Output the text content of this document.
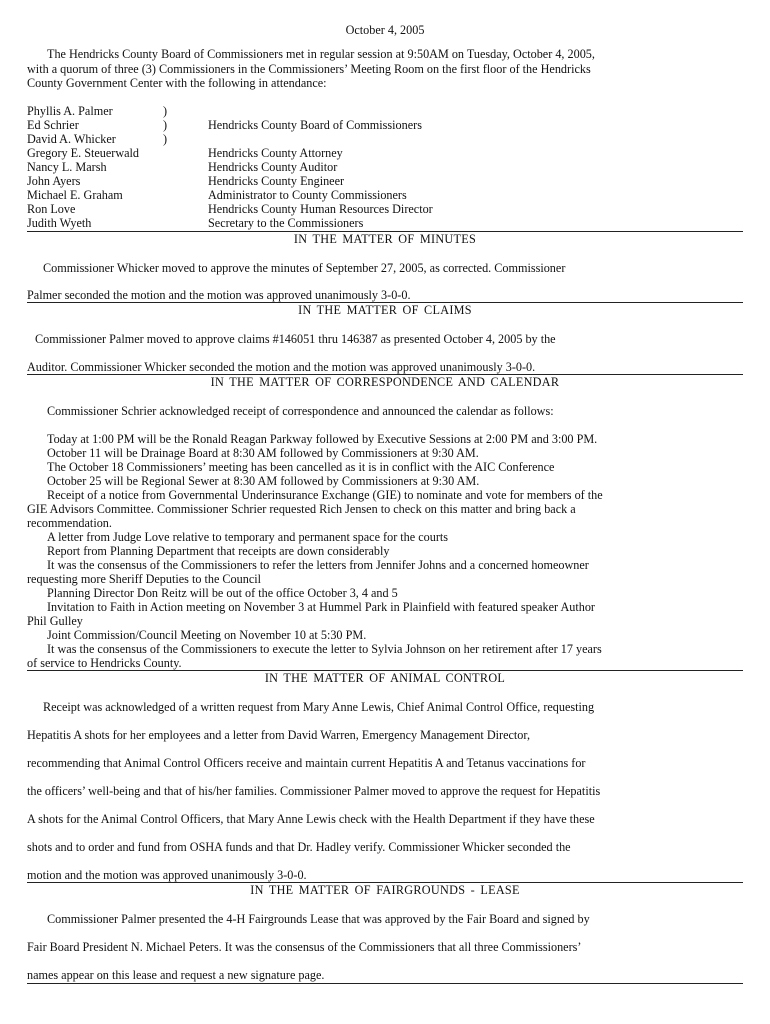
October 4, 2005
The Hendricks County Board of Commissioners met in regular session at 9:50AM on Tuesday, October 4, 2005,
with a quorum of three (3) Commissioners in the Commissioners’ Meeting Room on the first floor of the Hendricks
County Government Center with the following in attendance:
Phyllis A. Palmer
Ed Schrier
David A. Whicker
Gregory E. Steuerwald
Nancy L. Marsh
John Ayers
Michael E. Graham
Ron Love
Judith Wyeth
)
)
)
Hendricks County Board of Commissioners
Hendricks County Attorney
Hendricks County Auditor
Hendricks County Engineer
Administrator to County Commissioners
Hendricks County Human Resources Director
Secretary to the Commissioners
IN THE MATTER OF MINUTES
Commissioner Whicker moved to approve the minutes of September 27, 2005, as corrected. Commissioner
Palmer seconded the motion and the motion was approved unanimously 3-0-0.
IN THE MATTER OF CLAIMS
Commissioner Palmer moved to approve claims #146051 thru 146387 as presented October 4, 2005 by the
Auditor. Commissioner Whicker seconded the motion and the motion was approved unanimously 3-0-0.
IN THE MATTER OF CORRESPONDENCE AND CALENDAR
Commissioner Schrier acknowledged receipt of correspondence and announced the calendar as follows:
Today at 1:00 PM will be the Ronald Reagan Parkway followed by Executive Sessions at 2:00 PM and 3:00 PM.
October 11 will be Drainage Board at 8:30 AM followed by Commissioners at 9:30 AM.
The October 18 Commissioners’ meeting has been cancelled as it is in conflict with the AIC Conference
October 25 will be Regional Sewer at 8:30 AM followed by Commissioners at 9:30 AM.
Receipt of a notice from Governmental Underinsurance Exchange (GIE) to nominate and vote for members of the
GIE Advisors Committee. Commissioner Schrier requested Rich Jensen to check on this matter and bring back a
recommendation.
A letter from Judge Love relative to temporary and permanent space for the courts
Report from Planning Department that receipts are down considerably
It was the consensus of the Commissioners to refer the letters from Jennifer Johns and a concerned homeowner
requesting more Sheriff Deputies to the Council
Planning Director Don Reitz will be out of the office October 3, 4 and 5
Invitation to Faith in Action meeting on November 3 at Hummel Park in Plainfield with featured speaker Author
Phil Gulley
Joint Commission/Council Meeting on November 10 at 5:30 PM.
It was the consensus of the Commissioners to execute the letter to Sylvia Johnson on her retirement after 17 years
of service to Hendricks County.
IN THE MATTER OF ANIMAL CONTROL
Receipt was acknowledged of a written request from Mary Anne Lewis, Chief Animal Control Office, requesting
Hepatitis A shots for her employees and a letter from David Warren, Emergency Management Director,
recommending that Animal Control Officers receive and maintain current Hepatitis A and Tetanus vaccinations for
the officers’ well-being and that of his/her families. Commissioner Palmer moved to approve the request for Hepatitis
A shots for the Animal Control Officers, that Mary Anne Lewis check with the Health Department if they have these
shots and to order and fund from OSHA funds and that Dr. Hadley verify. Commissioner Whicker seconded the
motion and the motion was approved unanimously 3-0-0.
IN THE MATTER OF FAIRGROUNDS - LEASE
Commissioner Palmer presented the 4-H Fairgrounds Lease that was approved by the Fair Board and signed by
Fair Board President N. Michael Peters. It was the consensus of the Commissioners that all three Commissioners’
names appear on this lease and request a new signature page.
